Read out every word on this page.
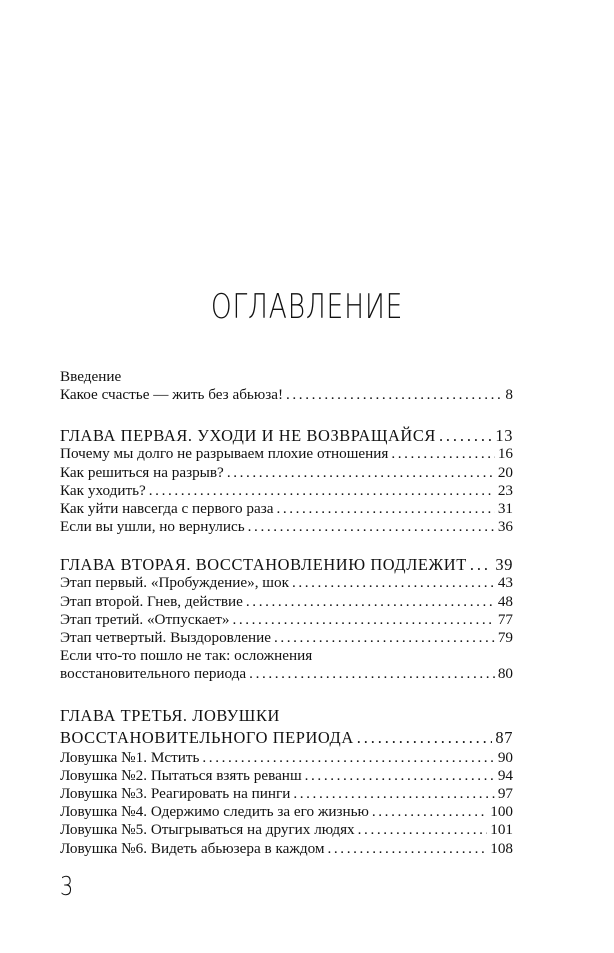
ОГЛАВЛЕНИЕ
Введение
Какое счастье — жить без абьюза! . . .	8
ГЛАВА ПЕРВАЯ. УХОДИ И НЕ ВОЗВРАЩАЙСЯ . . .	13
Почему мы долго не разрываем плохие отношения . . .	16
Как решиться на разрыв? . . .	20
Как уходить? . . .	23
Как уйти навсегда с первого раза . . .	31
Если вы ушли, но вернулись . . .	36
ГЛАВА ВТОРАЯ. ВОССТАНОВЛЕНИЮ ПОДЛЕЖИТ . . . 39
Этап первый. «Пробуждение», шок . . .	43
Этап второй. Гнев, действие . . .	48
Этап третий. «Отпускает» . . .	77
Этап четвертый. Выздоровление . . .	79
Если что-то пошло не так: осложнения
восстановительного периода . . .	80
ГЛАВА ТРЕТЬЯ. ЛОВУШКИ
ВОССТАНОВИТЕЛЬНОГО ПЕРИОДА . . .	87
Ловушка №1. Мстить . . .	90
Ловушка №2. Пытаться взять реванш . . .	94
Ловушка №3. Реагировать на пинги . . .	97
Ловушка №4. Одержимо следить за его жизнью . . .	100
Ловушка №5. Отыгрываться на других людях . . .	101
Ловушка №6. Видеть абьюзера в каждом . . .	108
3
